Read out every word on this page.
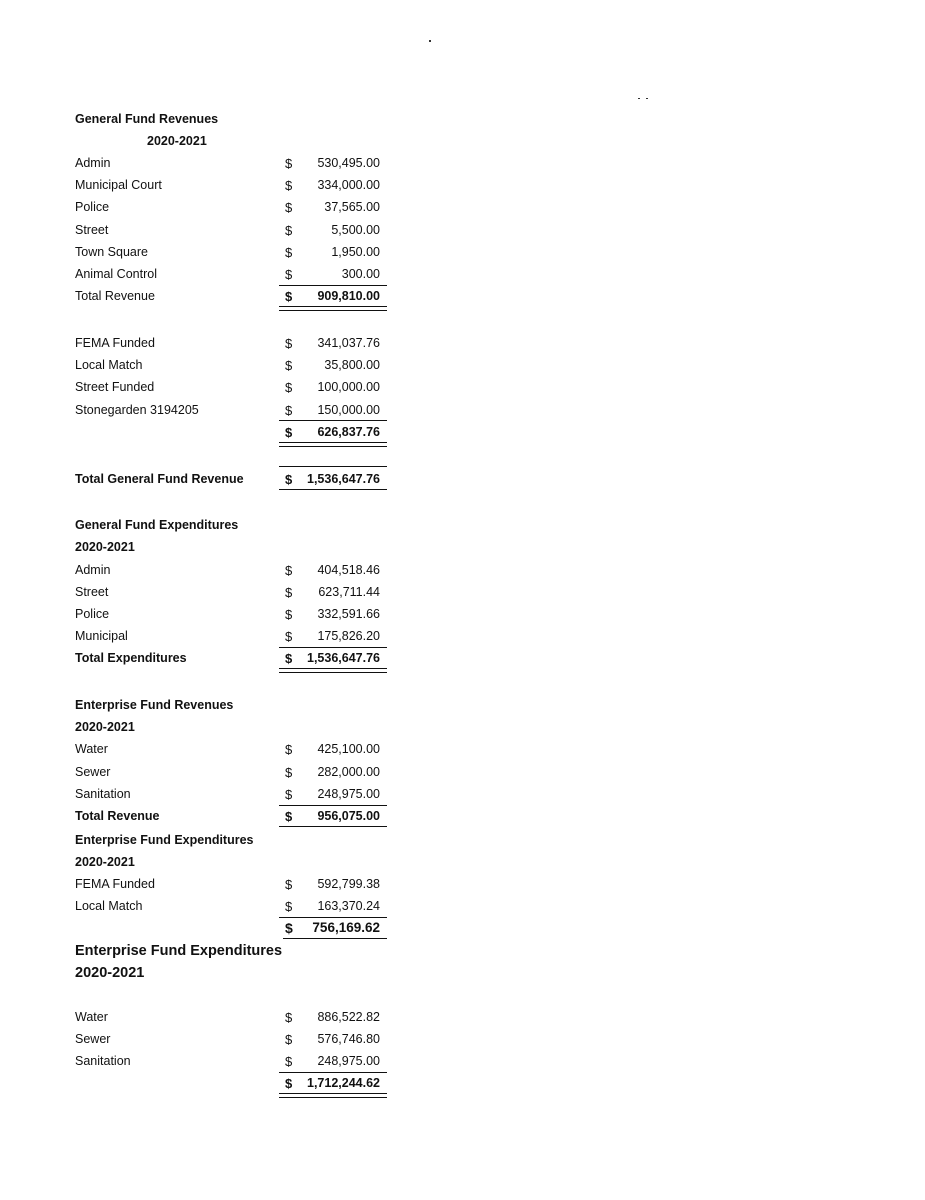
General Fund Revenues
2020-2021
Admin	$ 530,495.00
Municipal Court	$ 334,000.00
Police	$	37,565.00
Street	$	5,500.00
Town Square	$	1,950.00
Animal Control	$	300.00
Total Revenue	$ 909,810.00
FEMA Funded	$ 341,037.76
Local Match	$	35,800.00
Street Funded	$ 100,000.00
Stonegarden 3194205	$ 150,000.00
$ 626,837.76
Total General Fund Revenue	$ 1,536,647.76
General Fund Expenditures
2020-2021
Admin	$ 404,518.46
Street	$ 623,711.44
Police	$ 332,591.66
Municipal	$ 175,826.20
Total Expenditures	$ 1,536,647.76
Enterprise Fund Revenues
2020-2021
Water	$ 425,100.00
Sewer	$ 282,000.00
Sanitation	$ 248,975.00
Total Revenue	$ 956,075.00
Enterprise Fund Expenditures
2020-2021
FEMA Funded	$ 592,799.38
Local Match	$ 163,370.24
$ 756,169.62
Enterprise Fund Expenditures
2020-2021
Water	$ 886,522.82
Sewer	$ 576,746.80
Sanitation	$ 248,975.00
$ 1,712,244.62
